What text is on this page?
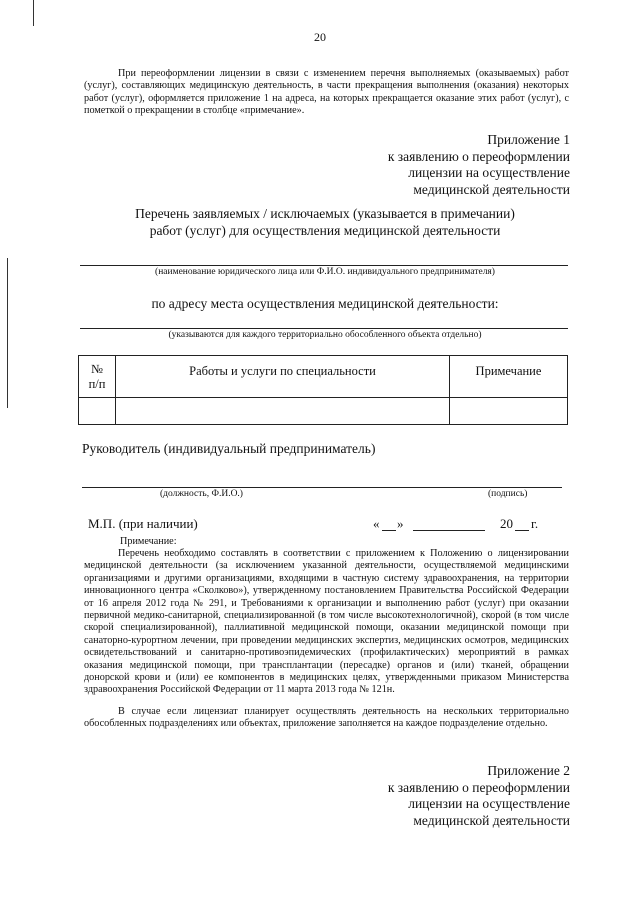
20
При переоформлении лицензии в связи с изменением перечня выполняемых (оказываемых) работ (услуг), составляющих медицинскую деятельность, в части прекращения выполнения (оказания) некоторых работ (услуг), оформляется приложение 1 на адреса, на которых прекращается оказание этих работ (услуг), с пометкой о прекращении в столбце «примечание».
Приложение 1
к заявлению о переоформлении
лицензии на осуществление
медицинской деятельности
Перечень заявляемых / исключаемых (указывается в примечании)
работ (услуг) для осуществления медицинской деятельности
(наименование юридического лица или Ф.И.О. индивидуального предпринимателя)
по адресу места осуществления медицинской деятельности:
(указываются для каждого территориально обособленного объекта отдельно)
№
п/п	Работы и услуги по специальности	Примечание

Руководитель (индивидуальный предприниматель)
(должность, Ф.И.О.)	(подпись)
М.П. (при наличии)	« »	20 г.
Примечание:
Перечень необходимо составлять в соответствии с приложением к Положению о лицензировании медицинской деятельности (за исключением указанной деятельности, осуществляемой медицинскими организациями и другими организациями, входящими в частную систему здравоохранения, на территории инновационного центра «Сколково»), утвержденному постановлением Правительства Российской Федерации от 16 апреля 2012 года № 291, и Требованиями к организации и выполнению работ (услуг) при оказании первичной медико-санитарной, специализированной (в том числе высокотехнологичной), скорой (в том числе скорой специализированной), паллиативной медицинской помощи, оказании медицинской помощи при санаторно-курортном лечении, при проведении медицинских экспертиз, медицинских осмотров, медицинских освидетельствований и санитарно-противоэпидемических (профилактических) мероприятий в рамках оказания медицинской помощи, при трансплантации (пересадке) органов и (или) тканей, обращении донорской крови и (или) ее компонентов в медицинских целях, утвержденными приказом Министерства здравоохранения Российской Федерации от 11 марта 2013 года № 121н.
В случае если лицензиат планирует осуществлять деятельность на нескольких территориально обособленных подразделениях или объектах, приложение заполняется на каждое подразделение отдельно.
Приложение 2
к заявлению о переоформлении
лицензии на осуществление
медицинской деятельности
